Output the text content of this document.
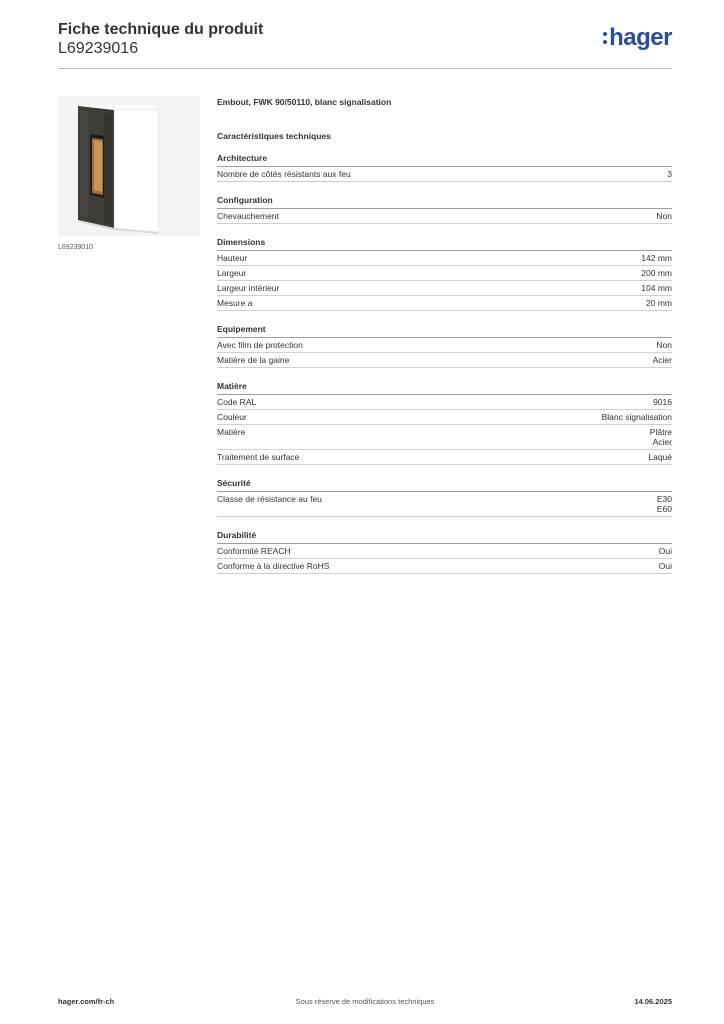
Fiche technique du produit
L69239016	hager
L69239010

Embout, FWK 90/50110, blanc signalisation

Caractéristiques techniques
Architecture
Nombre de côtés résistants aux feu	3
Configuration
Chevauchement	Non
Dimensions
Hauteur	142 mm
Largeur	200 mm
Largeur intérieur	104 mm
Mesure a	20 mm
Equipement
Avec film de protection	Non
Matière de la gaine	Acier
Matière
Code RAL	9016
Couleur	Blanc signalisation
Matière	Plâtre
Acier
Traitement de surface	Laqué
Sécurité
Classe de résistance au feu	E30
E60
Durabilité
Conformité REACH	Oui
Conforme à la directive RoHS	Oui
hager.com/fr-ch	Sous réserve de modifications techniques	14.06.2025
